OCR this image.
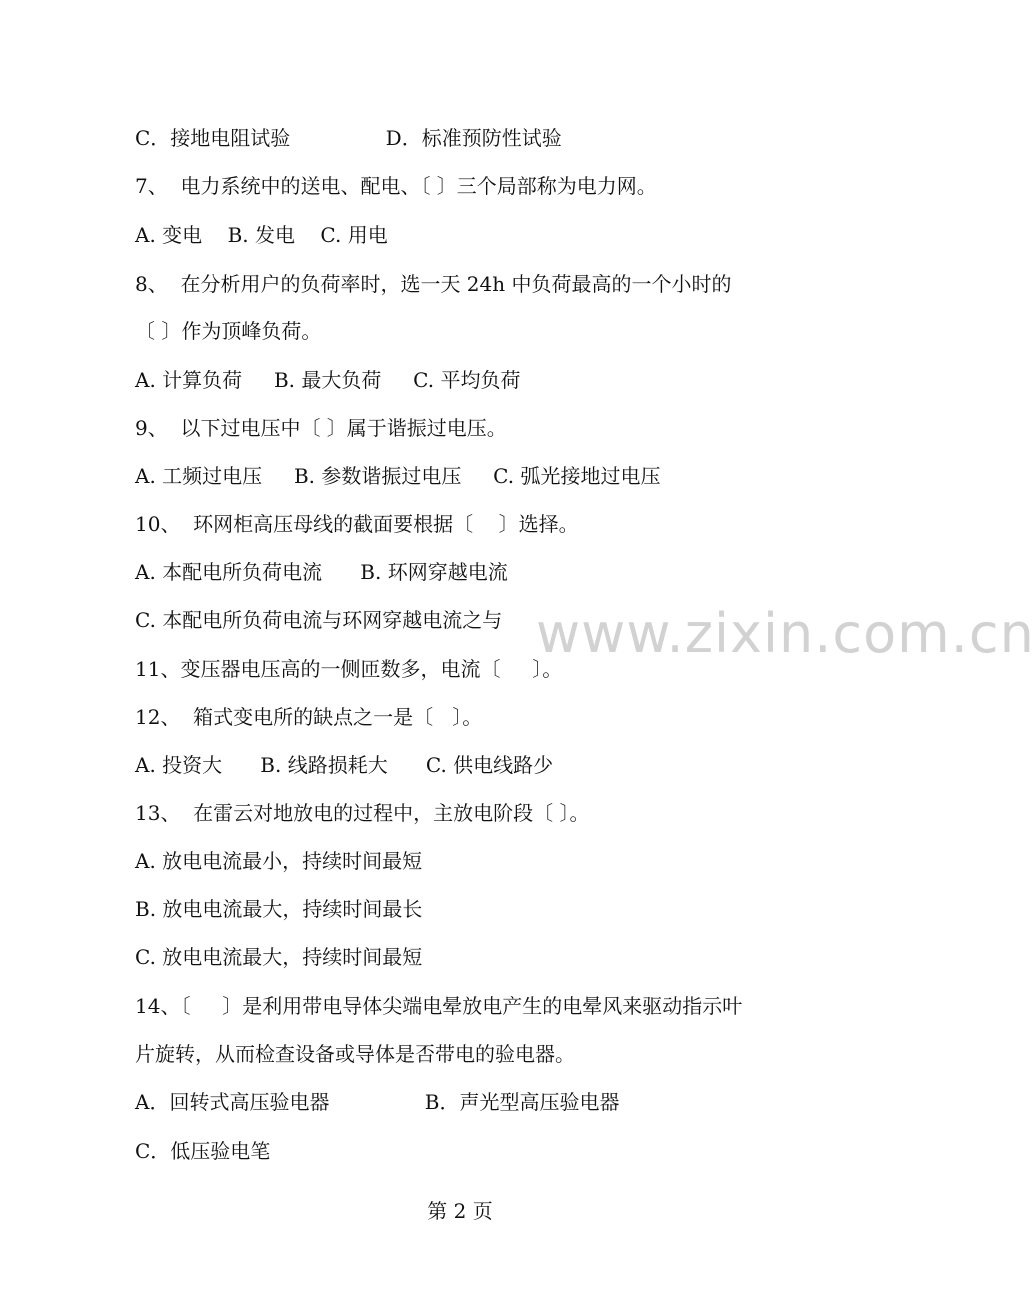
C．接地电阻试验               D．标准预防性试验
7、  电力系统中的送电、配电、〔 〕三个局部称为电力网。
A. 变电    B. 发电    C. 用电
8、  在分析用户的负荷率时，选一天 24h 中负荷最高的一个小时的
〔 〕作为顶峰负荷。
A. 计算负荷     B. 最大负荷     C. 平均负荷
9、  以下过电压中〔 〕属于谐振过电压。
A. 工频过电压     B. 参数谐振过电压     C. 弧光接地过电压
10、  环网柜高压母线的截面要根据〔    〕选择。
A. 本配电所负荷电流      B. 环网穿越电流
C. 本配电所负荷电流与环网穿越电流之与
11、变压器电压高的一侧匝数多，电流〔     〕。
12、  箱式变电所的缺点之一是〔   〕。
A. 投资大      B. 线路损耗大      C. 供电线路少
13、  在雷云对地放电的过程中，主放电阶段〔 〕。
A. 放电电流最小，持续时间最短
B. 放电电流最大，持续时间最长
C. 放电电流最大，持续时间最短
14、〔     〕是利用带电导体尖端电晕放电产生的电晕风来驱动指示叶
片旋转，从而检查设备或导体是否带电的验电器。
A．回转式高压验电器               B．声光型高压验电器
C．低压验电笔
www.zixin.com.cn
第 2 页
